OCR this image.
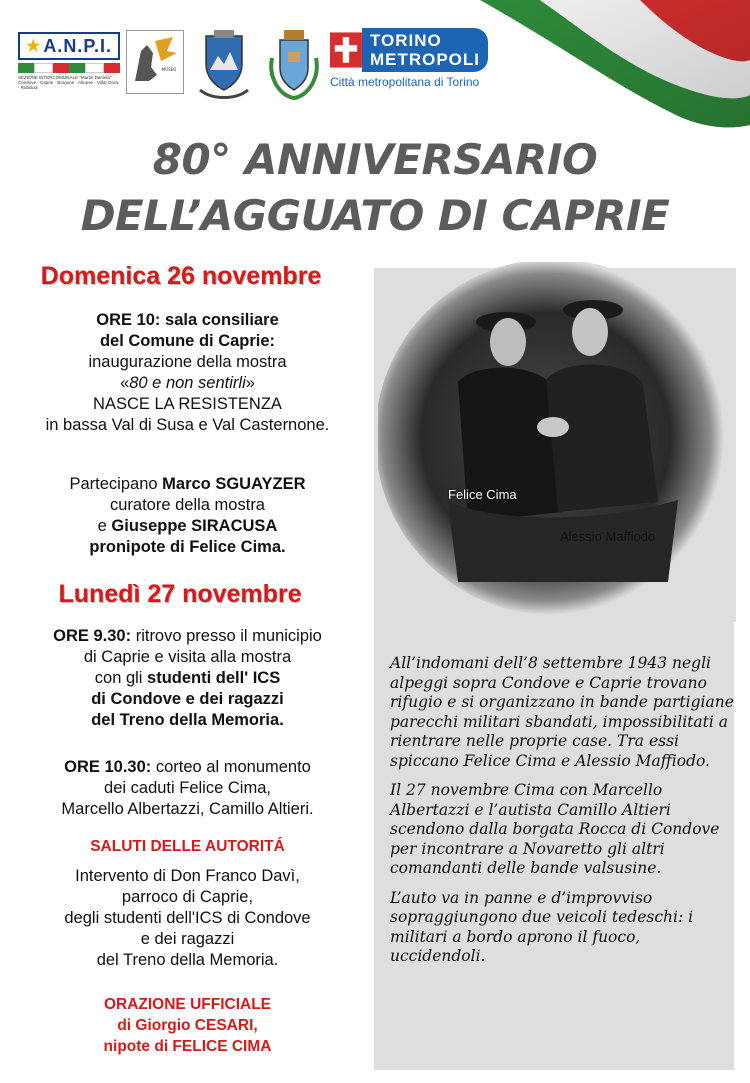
★ A.N.P.I.
SEZIONE INTERCOMUNALE "Martiri Daniela" Condove · Caprie · Borgone · Almese · Villar Dora · Rubiana
MUSEO
TORINO
METROPOLI
Città metropolitana di Torino
80° ANNIVERSARIO
DELL’AGGUATO DI CAPRIE
Domenica 26 novembre
ORE 10: sala consiliare
del Comune di Caprie:
inaugurazione della mostra
«80 e non sentirli»
NASCE LA RESISTENZA
in bassa Val di Susa e Val Casternone.
Partecipano Marco SGUAYZER
curatore della mostra
e Giuseppe SIRACUSA
pronipote di Felice Cima.
Lunedì 27 novembre
ORE 9.30: ritrovo presso il municipio
di Caprie e visita alla mostra
con gli studenti dell' ICS
di Condove e dei ragazzi
del Treno della Memoria.
ORE 10.30: corteo al monumento
dei caduti Felice Cima,
Marcello Albertazzi, Camillo Altieri.
SALUTI DELLE AUTORITÁ
Intervento di Don Franco Davì,
parroco di Caprie,
degli studenti dell'ICS di Condove
e dei ragazzi
del Treno della Memoria.
ORAZIONE UFFICIALE
di Giorgio CESARI,
nipote di FELICE CIMA
Felice Cima
Alessio Maffiodo

All’indomani dell’8 settembre 1943 negli alpeggi sopra Condove e Caprie trovano rifugio e si organizzano in bande partigiane parecchi militari sbandati, impossibilitati a rientrare nelle proprie case. Tra essi spiccano Felice Cima e Alessio Maffiodo.

Il 27 novembre Cima con Marcello Albertazzi e l’autista Camillo Altieri scendono dalla borgata Rocca di Condove per incontrare a Novaretto gli altri comandanti delle bande valsusine.

L’auto va in panne e d’improvviso sopraggiungono due veicoli tedeschi: i militari a bordo aprono il fuoco, uccidendoli.
